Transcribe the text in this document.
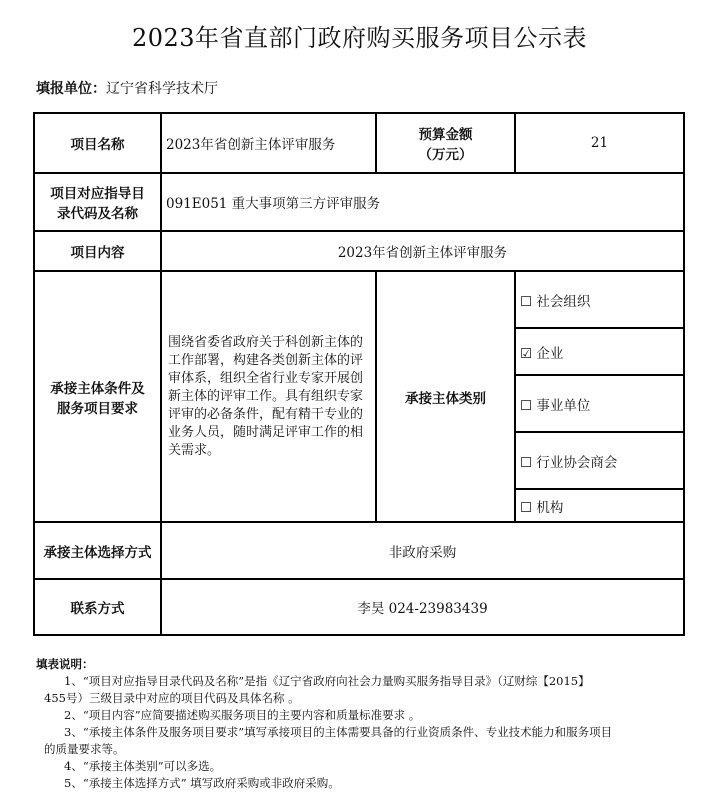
2023年省直部门政府购买服务项目公示表
填报单位：辽宁省科学技术厅
项目名称	2023年省创新主体评审服务	预算金额
（万元）	21

项目对应指导目
录代码及名称	091E051 重大事项第三方评审服务		
项目内容	2023年省创新主体评审服务		

承接主体条件及
服务项目要求	围绕省委省政府关于科创新主体的工作部署，构建各类创新主体的评审体系，组织全省行业专家开展创新主体的评审工作。具有组织专家评审的必备条件，配有精干专业的业务人员，随时满足评审工作的相关需求。	承接主体类别	☐ 社会组织
			☑ 企业
			☐ 事业单位
			☐ 行业协会商会
			☐ 机构
承接主体选择方式	非政府采购		
联系方式	李昊 024-23983439		
填表说明：
1、“项目对应指导目录代码及名称”是指《辽宁省政府向社会力量购买服务指导目录》（辽财综【2015】
455号）三级目录中对应的项目代码及具体名称 。
2、“项目内容”应简要描述购买服务项目的主要内容和质量标准要求 。
3、“承接主体条件及服务项目要求”填写承接项目的主体需要具备的行业资质条件、专业技术能力和服务项目
的质量要求等。
4、“承接主体类别”可以多选。
5、“承接主体选择方式” 填写政府采购或非政府采购。
